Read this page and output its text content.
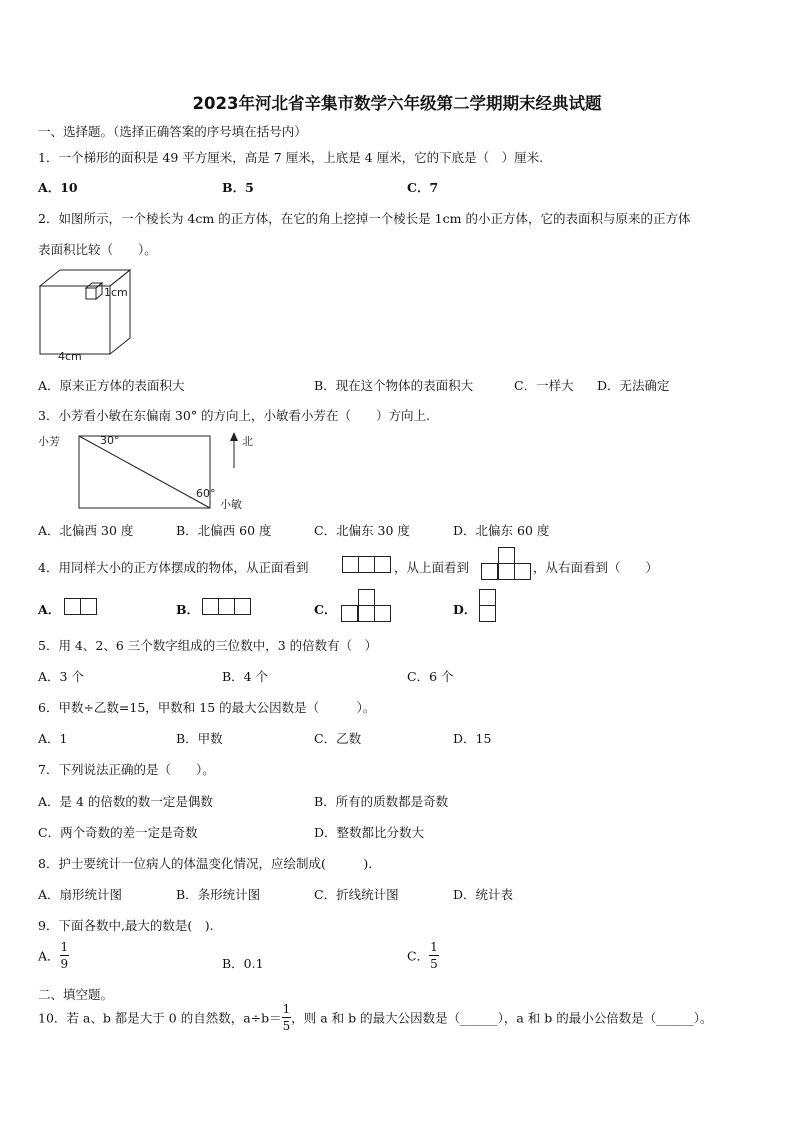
2023年河北省辛集市数学六年级第二学期期末经典试题
一、选择题。（选择正确答案的序号填在括号内）
1．一个梯形的面积是 49 平方厘米，高是 7 厘米，上底是 4 厘米，它的下底是（　）厘米.
A．10	B．5	C．7
2．如图所示，一个棱长为 4cm 的正方体，在它的角上挖掉一个棱长是 1cm 的小正方体，它的表面积与原来的正方体
表面积比较（　　）。
1cm
4cm
A．原来正方体的表面积大	B．现在这个物体的表面积大	C．一样大 D．无法确定
3．小芳看小敏在东偏南 30° 的方向上，小敏看小芳在（　　）方向上.
小芳	30°
60°
小敏
北
A．北偏西 30 度	B．北偏西 60 度	C．北偏东 30 度	D．北偏东 60 度
4．用同样大小的正方体摆成的物体，从正面看到	，从上面看到	，从右面看到（　　）
A．	B．	C．	D．
5．用 4、2、6 三个数字组成的三位数中，3 的倍数有（　）
A．3 个	B．4 个	C．6 个
6．甲数÷乙数=15，甲数和 15 的最大公因数是（　　　）。
A．1	B．甲数	C．乙数	D．15
7．下列说法正确的是（　　）。
A．是 4 的倍数的数一定是偶数	B．所有的质数都是奇数
C．两个奇数的差一定是奇数	D．整数都比分数大
8．护士要统计一位病人的体温变化情况，应绘制成(　　　).
A．扇形统计图	B．条形统计图	C．折线统计图	D．统计表
9．下面各数中,最大的数是(　).
A． $\frac{1}{9}$	B．0.1	C． $\frac{1}{5}$
二、填空题。
10．若 a、b 都是大于 0 的自然数，$a\div b= \frac{1}{5}$ ，则 a 和 b 的最大公因数是（______），a 和 b 的最小公倍数是（______）。
